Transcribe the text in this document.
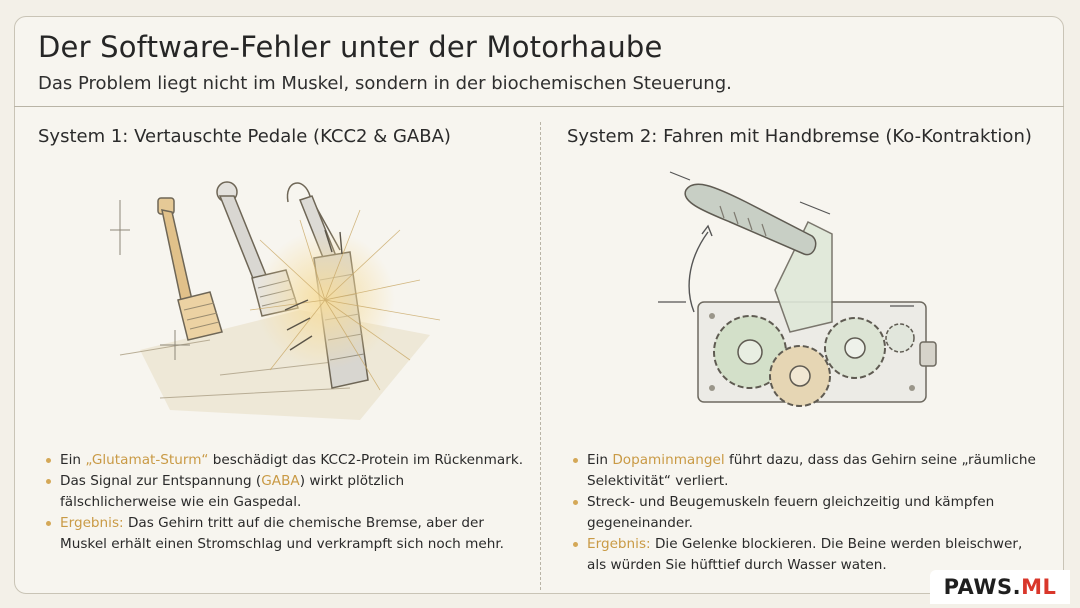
Der Software-Fehler unter der Motorhaube
Das Problem liegt nicht im Muskel, sondern in der biochemischen Steuerung.
System 1: Vertauschte Pedale (KCC2 & GABA)	System 2: Fahren mit Handbremse (Ko-Kontraktion)
Ein „Glutamat-Sturm“ beschädigt das KCC2-Protein im Rückenmark.
Das Signal zur Entspannung (GABA) wirkt plötzlich fälschlicherweise wie ein Gaspedal.
Ergebnis: Das Gehirn tritt auf die chemische Bremse, aber der Muskel erhält einen Stromschlag und verkrampft sich noch mehr.
Ein Dopaminmangel führt dazu, dass das Gehirn seine „räumliche Selektivität“ verliert.
Streck- und Beugemuskeln feuern gleichzeitig und kämpfen gegeneinander.
Ergebnis: Die Gelenke blockieren. Die Beine werden bleischwer, als würden Sie hüfttief durch Wasser waten.
PAWS. ML
